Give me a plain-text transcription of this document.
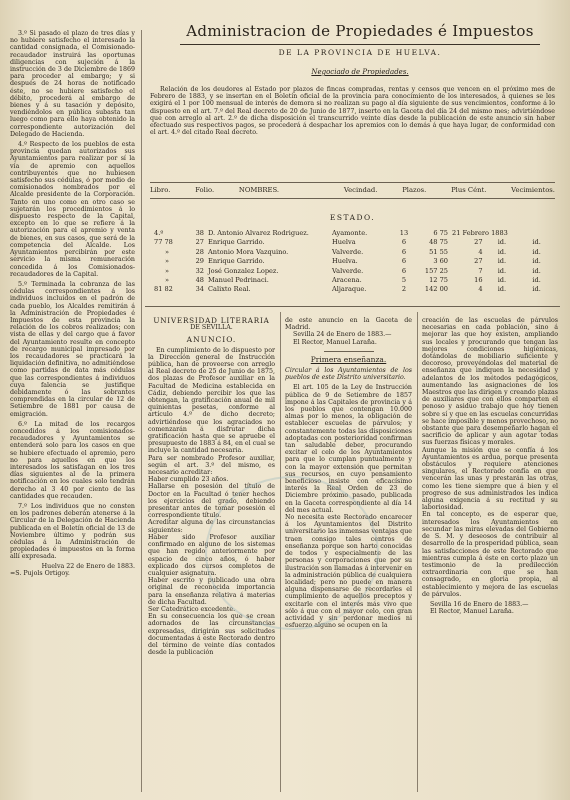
3.º Si pasado el plazo de tres días y no hubiere satisfecho el interesado la cantidad consignada, el Comisionado-recaudador instruirá las oportunas diligencias con sujeción á la instrucción de 3 de Diciembre de 1869 para proceder al embargo; y si después de 24 horas de notificado éste, no se hubiere satisfecho el débito, procederá al embargo de bienes y á su tasación y depósito, vendiéndolos en pública subasta tan luego como para ello haya obtenido la correspondiente autorización del Delegado de Hacienda.

4.º Respecto de los pueblos de esta provincia quedan autorizados sus Ayuntamientos para realizar por sí la vía de apremio con aquellos contribuyentes que no hubiesen satisfecho sus cédulas, ó por medio de comisionados nombrados por el Alcalde presidente de la Corporación. Tanto en uno como en otro caso se sujetarán los procedimientos á lo dispuesto respecto de la Capital, excepto en lo que se refiere á la autorización para el apremio y venta de bienes, en sus casos, que será de la competencia del Alcalde. Los Ayuntamientos percibirán por este servicio la misma remuneración concedida á los Comisionados-recaudadores de la Capital.

5.º Terminada la cobranza de las cédulas correspondientes á los individuos incluidos en el padrón de cada pueblo, los Alcaldes remitirán á la Administración de Propiedades é Impuestos de esta provincia la relación de los cobros realizados; con vista de ellas y del cargo que á favor del Ayuntamiento resulte en concepto de recargo municipal impresado por los recaudadores se practicará la liquidación definitiva, no admitiéndose como partidas de data más cédulas que las correspondientes á individuos cuya falencia se justifique debidamente ó las sobrantes comprendidas en la circular de 12 de Setiembre de 1881 por causa de emigración.

6.º La mitad de los recargos concedidos á los comisionados-recaudadores y Ayuntamientos se entenderá solo para los casos en que se hubiere efectuado el apremio, pero no para aquellos en que los interesados los satisfagan en los tres días siguientes al de la primera notificación en los cuales solo tendrán derecho al 3 40 por ciento de las cantidades que recauden.

7.º Los individuos que no consten en los padrones deberán atenerse á la Circular de la Delegación de Hacienda publicada en el Boletín oficial de 13 de Noviembre último y podrán sus cédulas á la Administración de propiedades é impuestos en la forma allí expresada.

Huelva 22 de Enero de 1883.
=S. Pujols Ortigoy.
Administracion de Propiedades é Impuestos
DE LA PROVINCIA DE HUELVA.
Negociado de Propiedades.

Relación de los deudores al Estado por plazos de fincas compradas, rentas y censos que vencen en el próximo mes de Febrero de 1883, y se insertan en el Boletín oficial de la provincia para conocimiento de los interesados, á quienes se les exigirá el 1 por 100 mensual de interés de demora si no realizan su pago al día siguiente de sus vencimientos, conforme á lo dispuesto en el art. 7.º del Real decreto de 20 de Junio de 1877, inserto en la Gaceta del día 24 del mismo mes; advirtiéndose que con arreglo al art. 2.º de dicha disposición el transcurrido veinte días desde la publicación de este anuncio sin haber efectuado sus respectivos pagos, se procederá á despachar los apremios con lo demás á que haya lugar, de conformidad con el art. 4.º del citado Real decreto.

Libro.	Folio.	NOMBRES.	Vecindad.	Plazos.	Plus Cént.	Vecimientos.
ESTADO.
4.º	38	D. Antonio Alvarez Rodriguez.	Ayamonte.	13	6 75	21 Febrero 1883		
77 78	27	Enrique Garrido.	Huelva	6	48 75	27	id.	id.
»	28	Antonio Mora Vazquino.	Valverde.	6	51 55	4	id.	id.
»	29	Enrique Garrido.	Huelva.	6	3 60	27	id.	id.
»	32	José Gonzalez Lopez.	Valverde.	6	157 25	7	id.	id.
»	48	Manuel Pedrinaci.	Aracena.	5	12 75	16	id.	id.
81 82	34	Calixto Real.	Aljaraque.	2	142 00	4	id.	id.
UNIVERSIDAD LITERARIA
DE SEVILLA.
ANUNCIO.
En cumplimiento de lo dispuesto por la Dirección general de Instrucción pública, han de proveerse con arreglo al Real decreto de 25 de Junio de 1875, dos plazas de Profesor auxiliar en la Facultad de Medicina establecida en Cádiz, debiendo percibir los que las obtengan, la gratificación anual de mil quinientas pesetas, conforme al artículo 4.º de dicho decreto; advirtiéndose que los agraciados no comenzarán á disfrutar dicha gratificación hasta que se apruebe el presupuesto de 1883 á 84, en el cual se incluye la cantidad necesaria.
Para ser nombrado Profesor auxiliar, según el art. 3.º del mismo, es necesario acreditar:
Haber cumplido 23 años.
Hallarse en posesión del título de Doctor en la Facultad ó tener hechos los ejercicios del grado, debiendo presentar antes de tomar posesión el correspondiente título.
Acreditar alguna de las circunstancias siguientes:
Haber sido Profesor auxiliar confirmado en alguno de los sistemas que han regido anteriormente por espacio de cinco años, ó haber explicado dos cursos completos de cualquier asignatura.
Haber escrito y publicado una obra original de reconocida importancia para la enseñanza relativa á materias de dicha Facultad.
Ser Catedrático excedente.
En su consecuencia los que se crean adornados de las circunstancias expresadas, dirigirán sus solicitudes documentadas á este Rectorado dentro del término de veinte días contados desde la publicación
de este anuncio en la Gaceta de Madrid.
Sevilla 24 de Enero de 1883.—
El Rector, Manuel Laraña.
Primera enseñanza.
Circular á los Ayuntamientos de los pueblos de este Distrito universitario.
El art. 105 de la Ley de Instrucción pública de 9 de Setiembre de 1857 impone á las Capitales de provincia y á los pueblos que contengan 10.000 almas por lo menos, la obligación de establecer escuelas de párvulos; y constantemente todas las disposiciones adoptadas con posterioridad confirman tan saludable deber, procurando excitar el celo de los Ayuntamientos para que lo cumplan puntualmente y con la mayor extensión que permitan sus recursos, en cuyo pensamiento beneficioso insiste con eficacísimo interés la Real Orden de 23 de Diciembre próximo pasado, publicada en la Gaceta correspondiente al día 14 del mes actual.
No necesita este Rectorado encarecer á los Ayuntamientos del Distrito universitario las inmensas ventajas que traen consigo tales centros de enseñanza porque son harto conocidas de todos y especialmente de las personas y corporaciones que por su ilustración son llamadas á intervenir en la administración pública de cualquiera localidad; pero no puede en manera alguna dispensarse de recordarles el cumplimiento de aquellos preceptos y excitarle con el interés más vivo que sólo á que con el mayor celo, con gran actividad y sin perdonar medios ni esfuerzo alguno se ocupen en la
creación de las escuelas de párvulos necesarias en cada población, sino á mejorar las que hoy existen, ampliando sus locales y procurando que tengan las mejores condiciones higiénicas, dotándolas de mobiliario suficiente y decoroso, proveyéndolas del material de enseñanza que indiquen la necesidad y adelantos de los métodos pedagógicos, aumentando las asignaciones de los Maestros que las dirigen y creando plazas de auxiliares que con ellos comparten el penoso y asiduo trabajo que hoy tienen sobre sí y que en las escuelas concurridas se hace imposible y menos provechoso, no obstante que para desempeñarlo hagan el sacrificio de aplicar y aun agotar todas sus fuerzas físicas y morales.
Aunque la misión que se confía á los Ayuntamientos es ardua, porque presenta obstáculos y requiere atenciones singulares, el Rectorado confía en que vencerán las unas y prestarán las otras, como les tiene siempre que á bien y el progreso de sus administrados les indica alguna exigencia á su rectitud y su laboriosidad.
En tal concepto, es de esperar que, interesados los Ayuntamientos en secundar las miras elevadas del Gobierno de S. M. y deseosos de contribuir al desarrollo de la prosperidad pública, sean las satisfacciones de este Rectorado que mientras cumpla á éste en corto plazo un testimonio de la predilección extraordinaria con que se han consagrado, en gloria propia, al establecimiento y mejora de las escuelas de párvulos.
Sevilla 16 de Enero de 1883.—
El Rector, Manuel Laraña.
